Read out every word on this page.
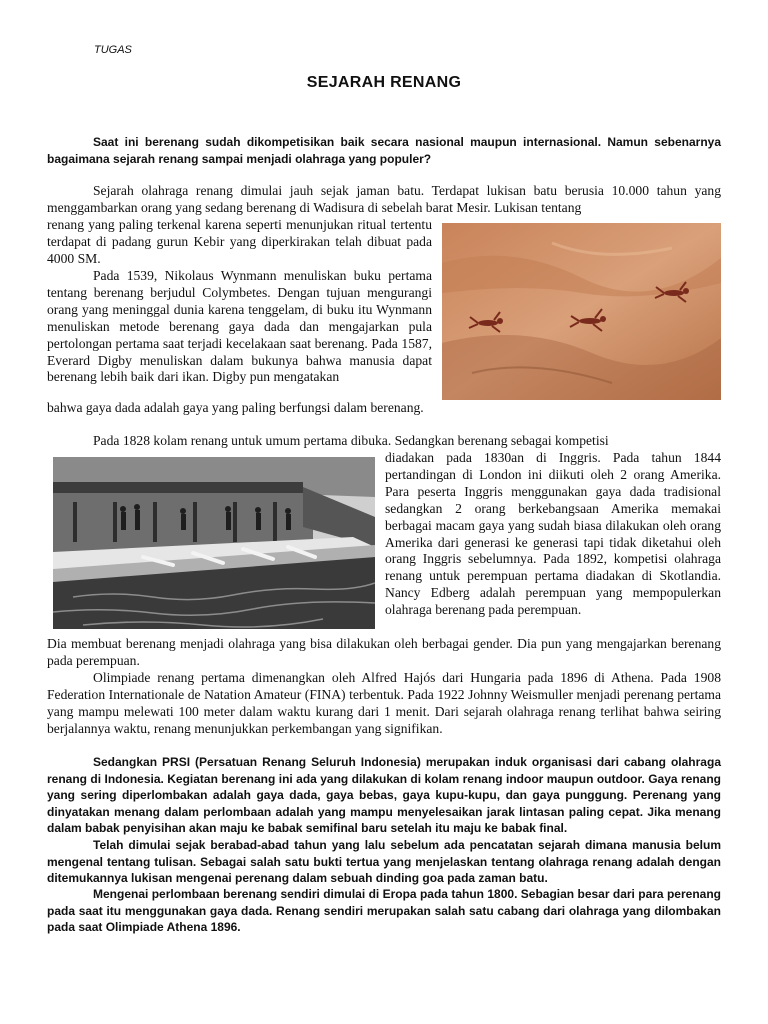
TUGAS
SEJARAH RENANG

Saat ini berenang sudah dikompetisikan baik secara nasional maupun internasional. Namun sebenarnya bagaimana sejarah renang sampai menjadi olahraga yang populer?

Sejarah olahraga renang dimulai jauh sejak jaman batu. Terdapat lukisan batu berusia 10.000 tahun yang menggambarkan orang yang sedang berenang di Wadisura di sebelah barat Mesir. Lukisan tentang

renang yang paling terkenal karena seperti menunjukan ritual tertentu terdapat di padang gurun Kebir yang diperkirakan telah dibuat pada 4000 SM.

Pada 1539, Nikolaus Wynmann menuliskan buku pertama tentang berenang berjudul Colymbetes. Dengan tujuan mengurangi orang yang meninggal dunia karena tenggelam, di buku itu Wynmann menuliskan metode berenang gaya dada dan mengajarkan pula pertolongan pertama saat terjadi kecelakaan saat berenang. Pada 1587, Everard Digby menuliskan dalam bukunya bahwa manusia dapat berenang lebih baik dari ikan. Digby pun mengatakan

bahwa gaya dada adalah gaya yang paling berfungsi dalam berenang.

Pada 1828 kolam renang untuk umum pertama dibuka. Sedangkan berenang sebagai kompetisi

diadakan pada 1830an di Inggris. Pada tahun 1844 pertandingan di London ini diikuti oleh 2 orang Amerika. Para peserta Inggris menggunakan gaya dada tradisional sedangkan 2 orang berkebangsaan Amerika memakai berbagai macam gaya yang sudah biasa dilakukan oleh orang Amerika dari generasi ke generasi tapi tidak diketahui oleh orang Inggris sebelumnya. Pada 1892, kompetisi olahraga renang untuk perempuan pertama diadakan di Skotlandia. Nancy Edberg adalah perempuan yang mempopulerkan olahraga berenang pada perempuan.

Dia membuat berenang menjadi olahraga yang bisa dilakukan oleh berbagai gender. Dia pun yang mengajarkan berenang pada perempuan.

Olimpiade renang pertama dimenangkan oleh Alfred Hajós dari Hungaria pada 1896 di Athena. Pada 1908 Federation Internationale de Natation Amateur (FINA) terbentuk. Pada 1922 Johnny Weismuller menjadi perenang pertama yang mampu melewati 100 meter dalam waktu kurang dari 1 menit. Dari sejarah olahraga renang terlihat bahwa seiring berjalannya waktu, renang menunjukkan perkembangan yang signifikan.

Sedangkan PRSI (Persatuan Renang Seluruh Indonesia) merupakan induk organisasi dari cabang olahraga renang di Indonesia. Kegiatan berenang ini ada yang dilakukan di kolam renang indoor maupun outdoor. Gaya renang yang sering diperlombakan adalah gaya dada, gaya bebas, gaya kupu-kupu, dan gaya punggung. Perenang yang dinyatakan menang dalam perlombaan adalah yang mampu menyelesaikan jarak lintasan paling cepat. Jika menang dalam babak penyisihan akan maju ke babak semifinal baru setelah itu maju ke babak final.

Telah dimulai sejak berabad-abad tahun yang lalu sebelum ada pencatatan sejarah dimana manusia belum mengenal tentang tulisan. Sebagai salah satu bukti tertua yang menjelaskan tentang olahraga renang adalah dengan ditemukannya lukisan mengenai perenang dalam sebuah dinding goa pada zaman batu.

Mengenai perlombaan berenang sendiri dimulai di Eropa pada tahun 1800. Sebagian besar dari para perenang pada saat itu menggunakan gaya dada. Renang sendiri merupakan salah satu cabang dari olahraga yang dilombakan pada saat Olimpiade Athena 1896.
